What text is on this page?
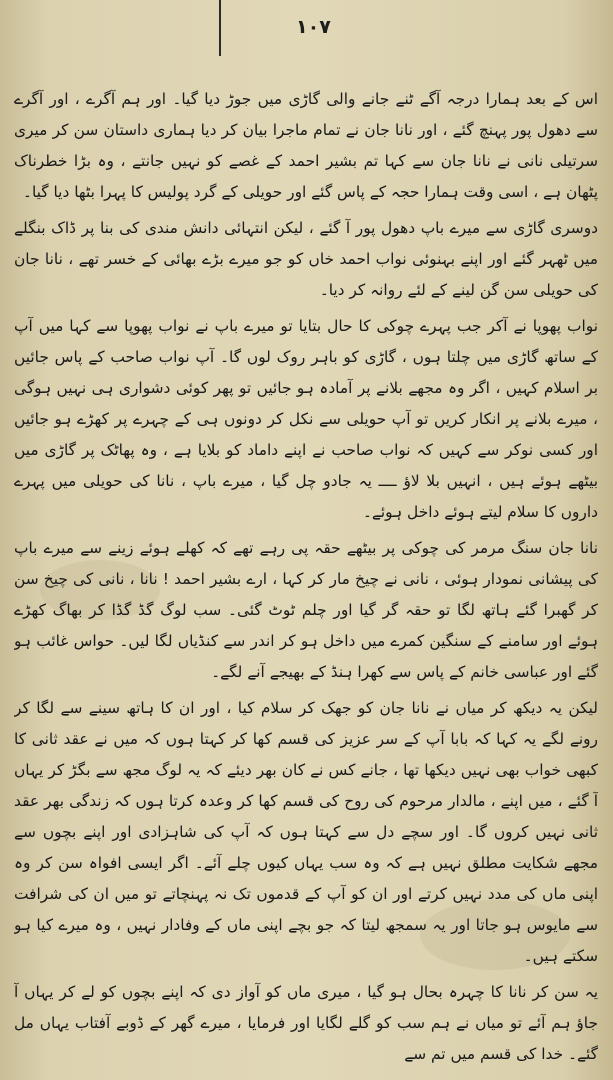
۱۰۷

اس کے بعد ہمارا درجہ آگے ٹنے جانے والی گاڑی میں جوڑ دیا گیا۔ اور ہم آگرے ، اور آگرے سے دھول پور پہنچ گئے ، اور نانا جان نے تمام ماجرا بیان کر دیا ہماری داستان سن کر میری سرتیلی نانی نے نانا جان سے کہا تم بشیر احمد کے غصے کو نہیں جانتے ، وہ بڑا خطرناک پٹھان ہے ، اسی وقت ہمارا حجہ کے پاس گئے اور حویلی کے گرد پولیس کا پہرا بٹھا دیا گیا۔

دوسری گاڑی سے میرے باپ دھول پور آ گئے ، لیکن انتہائی دانش مندی کی بنا پر ڈاک بنگلے میں ٹھہر گئے اور اپنے بہنوئی نواب احمد خاں کو جو میرے بڑے بھائی کے خسر تھے ، نانا جان کی حویلی سن گن لینے کے لئے روانہ کر دیا۔

نواب پھوپا نے آکر جب پہرے چوکی کا حال بتایا تو میرے باپ نے نواب پھوپا سے کہا میں آپ کے ساتھ گاڑی میں چلتا ہوں ، گاڑی کو باہر روک لوں گا۔ آپ نواب صاحب کے پاس جائیں بر اسلام کہیں ، اگر وہ مجھے بلانے پر آمادہ ہو جائیں تو پھر کوئی دشواری ہی نہیں ہوگی ، میرے بلانے پر انکار کریں تو آپ حویلی سے نکل کر دونوں ہی کے چہرے پر کھڑے ہو جائیں اور کسی نوکر سے کہیں کہ نواب صاحب نے اپنے داماد کو بلایا ہے ، وہ پھاٹک پر گاڑی میں بیٹھے ہوئے ہیں ، انہیں بلا لاؤ ــــ یہ جادو چل گیا ، میرے باپ ، نانا کی حویلی میں پہرے داروں کا سلام لیتے ہوئے داخل ہوئے۔

نانا جان سنگ مرمر کی چوکی پر بیٹھے حقہ پی رہے تھے کہ کھلے ہوئے زینے سے میرے باپ کی پیشانی نمودار ہوئی ، نانی نے چیخ مار کر کہا ، ارے بشیر احمد ! نانا ، نانی کی چیخ سن کر گھبرا گئے ہاتھ لگا تو حقہ گر گیا اور چلم ٹوٹ گئی۔ سب لوگ گڈ گڈا کر بھاگ کھڑے ہوئے اور سامنے کے سنگین کمرے میں داخل ہو کر اندر سے کنڈیاں لگا لیں۔ حواس غائب ہو گئے اور عباسی خانم کے پاس سے کھرا ہنڈ کے بھیجے آنے لگے۔

لیکن یہ دیکھ کر میاں نے نانا جان کو جھک کر سلام کیا ، اور ان کا ہاتھ سینے سے لگا کر رونے لگے یہ کہا کہ بابا آپ کے سر عزیز کی قسم کھا کر کہتا ہوں کہ میں نے عقد ثانی کا کبھی خواب بھی نہیں دیکھا تھا ، جانے کس نے کان بھر دیئے کہ یہ لوگ مجھ سے بگڑ کر یہاں آ گئے ، میں اپنے ، مالدار مرحوم کی روح کی قسم کھا کر وعدہ کرتا ہوں کہ زندگی بھر عقد ثانی نہیں کروں گا۔ اور سچے دل سے کہتا ہوں کہ آپ کی شاہزادی اور اپنے بچوں سے مجھے شکایت مطلق نہیں ہے کہ وہ سب یہاں کیوں چلے آئے۔ اگر ایسی افواہ سن کر وہ اپنی ماں کی مدد نہیں کرتے اور ان کو آپ کے قدموں تک نہ پہنچاتے تو میں ان کی شرافت سے مایوس ہو جاتا اور یہ سمجھ لیتا کہ جو بچے اپنی ماں کے وفادار نہیں ، وہ میرے کیا ہو سکتے ہیں۔

یہ سن کر نانا کا چہرہ بحال ہو گیا ، میری ماں کو آواز دی کہ اپنے بچوں کو لے کر یہاں آ جاؤ ہم آئے تو میاں نے ہم سب کو گلے لگایا اور فرمایا ، میرے گھر کے ڈوبے آفتاب یہاں مل گئے۔ خدا کی قسم میں تم سے
